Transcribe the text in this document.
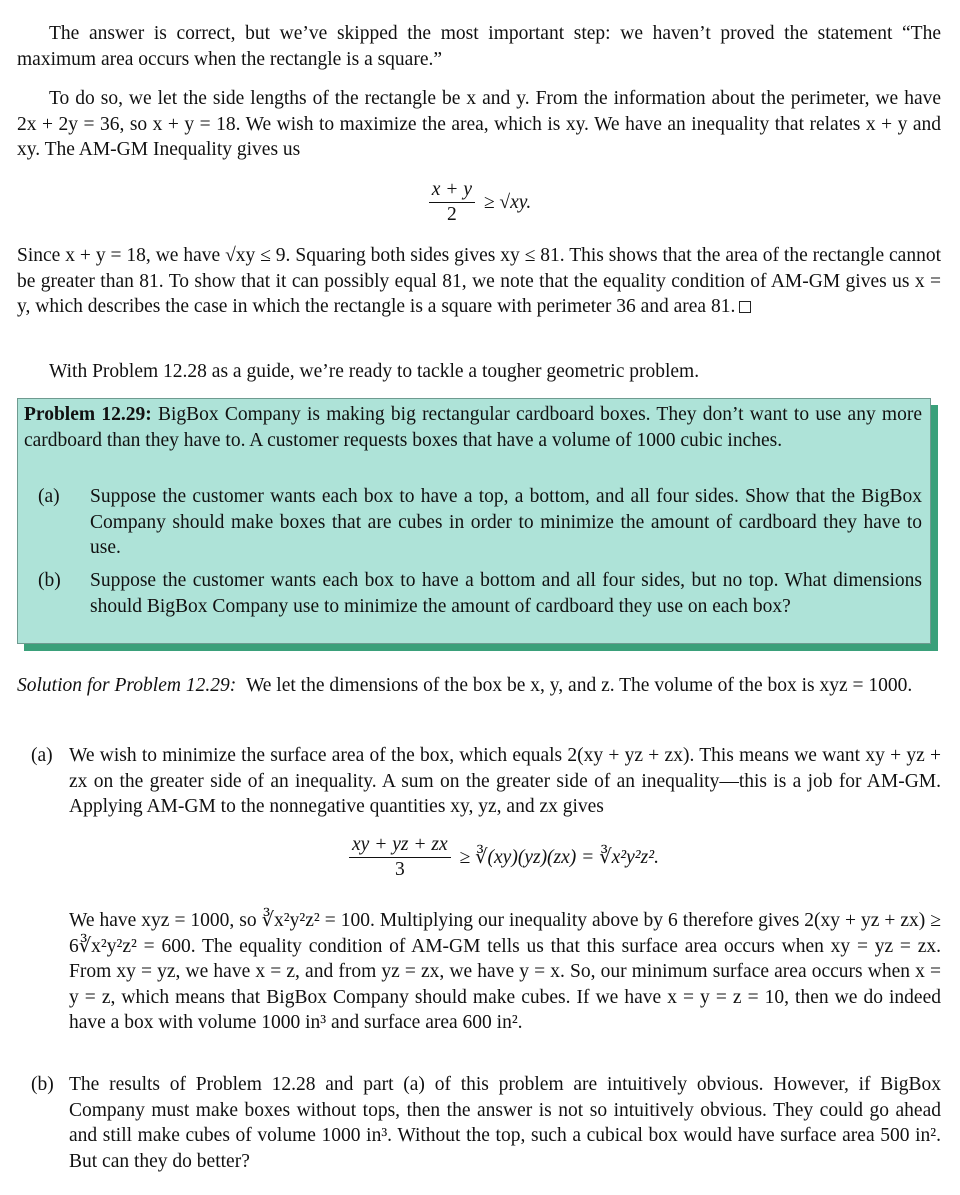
The answer is correct, but we’ve skipped the most important step: we haven’t proved the statement “The maximum area occurs when the rectangle is a square.”

To do so, we let the side lengths of the rectangle be x and y. From the information about the perimeter, we have 2x + 2y = 36, so x + y = 18. We wish to maximize the area, which is xy. We have an inequality that relates x + y and xy. The AM-GM Inequality gives us

$\frac{x + y}{2} \ge √xy$.

Since x + y = 18, we have √xy ≤ 9. Squaring both sides gives xy ≤ 81. This shows that the area of the rectangle cannot be greater than 81. To show that it can possibly equal 81, we note that the equality condition of AM-GM gives us x = y, which describes the case in which the rectangle is a square with perimeter 36 and area 81.

With Problem 12.28 as a guide, we’re ready to tackle a tougher geometric problem.

Problem 12.29: BigBox Company is making big rectangular cardboard boxes. They don’t want to use any more cardboard than they have to. A customer requests boxes that have a volume of 1000 cubic inches.

(a) Suppose the customer wants each box to have a top, a bottom, and all four sides. Show that the BigBox Company should make boxes that are cubes in order to minimize the amount of cardboard they have to use.
(b) Suppose the customer wants each box to have a bottom and all four sides, but no top. What dimensions should BigBox Company use to minimize the amount of cardboard they use on each box?

Solution for Problem 12.29: We let the dimensions of the box be x, y, and z. The volume of the box is xyz = 1000.

(a) We wish to minimize the surface area of the box, which equals 2(xy + yz + zx). This means we want xy + yz + zx on the greater side of an inequality. A sum on the greater side of an inequality—this is a job for AM-GM. Applying AM-GM to the nonnegative quantities xy, yz, and zx gives
$\frac{xy + yz + zx}{3}$ ≥ ∛(xy)(yz)(zx) = ∛x²y²z².
We have xyz = 1000, so ∛x²y²z² = 100. Multiplying our inequality above by 6 therefore gives 2(xy + yz + zx) ≥ 6∛x²y²z² = 600. The equality condition of AM-GM tells us that this surface area occurs when xy = yz = zx. From xy = yz, we have x = z, and from yz = zx, we have y = x. So, our minimum surface area occurs when x = y = z, which means that BigBox Company should make cubes. If we have x = y = z = 10, then we do indeed have a box with volume 1000 in³ and surface area 600 in².
(b) The results of Problem 12.28 and part (a) of this problem are intuitively obvious. However, if BigBox Company must make boxes without tops, then the answer is not so intuitively obvious. They could go ahead and still make cubes of volume 1000 in³. Without the top, such a cubical box would have surface area 500 in². But can they do better?
